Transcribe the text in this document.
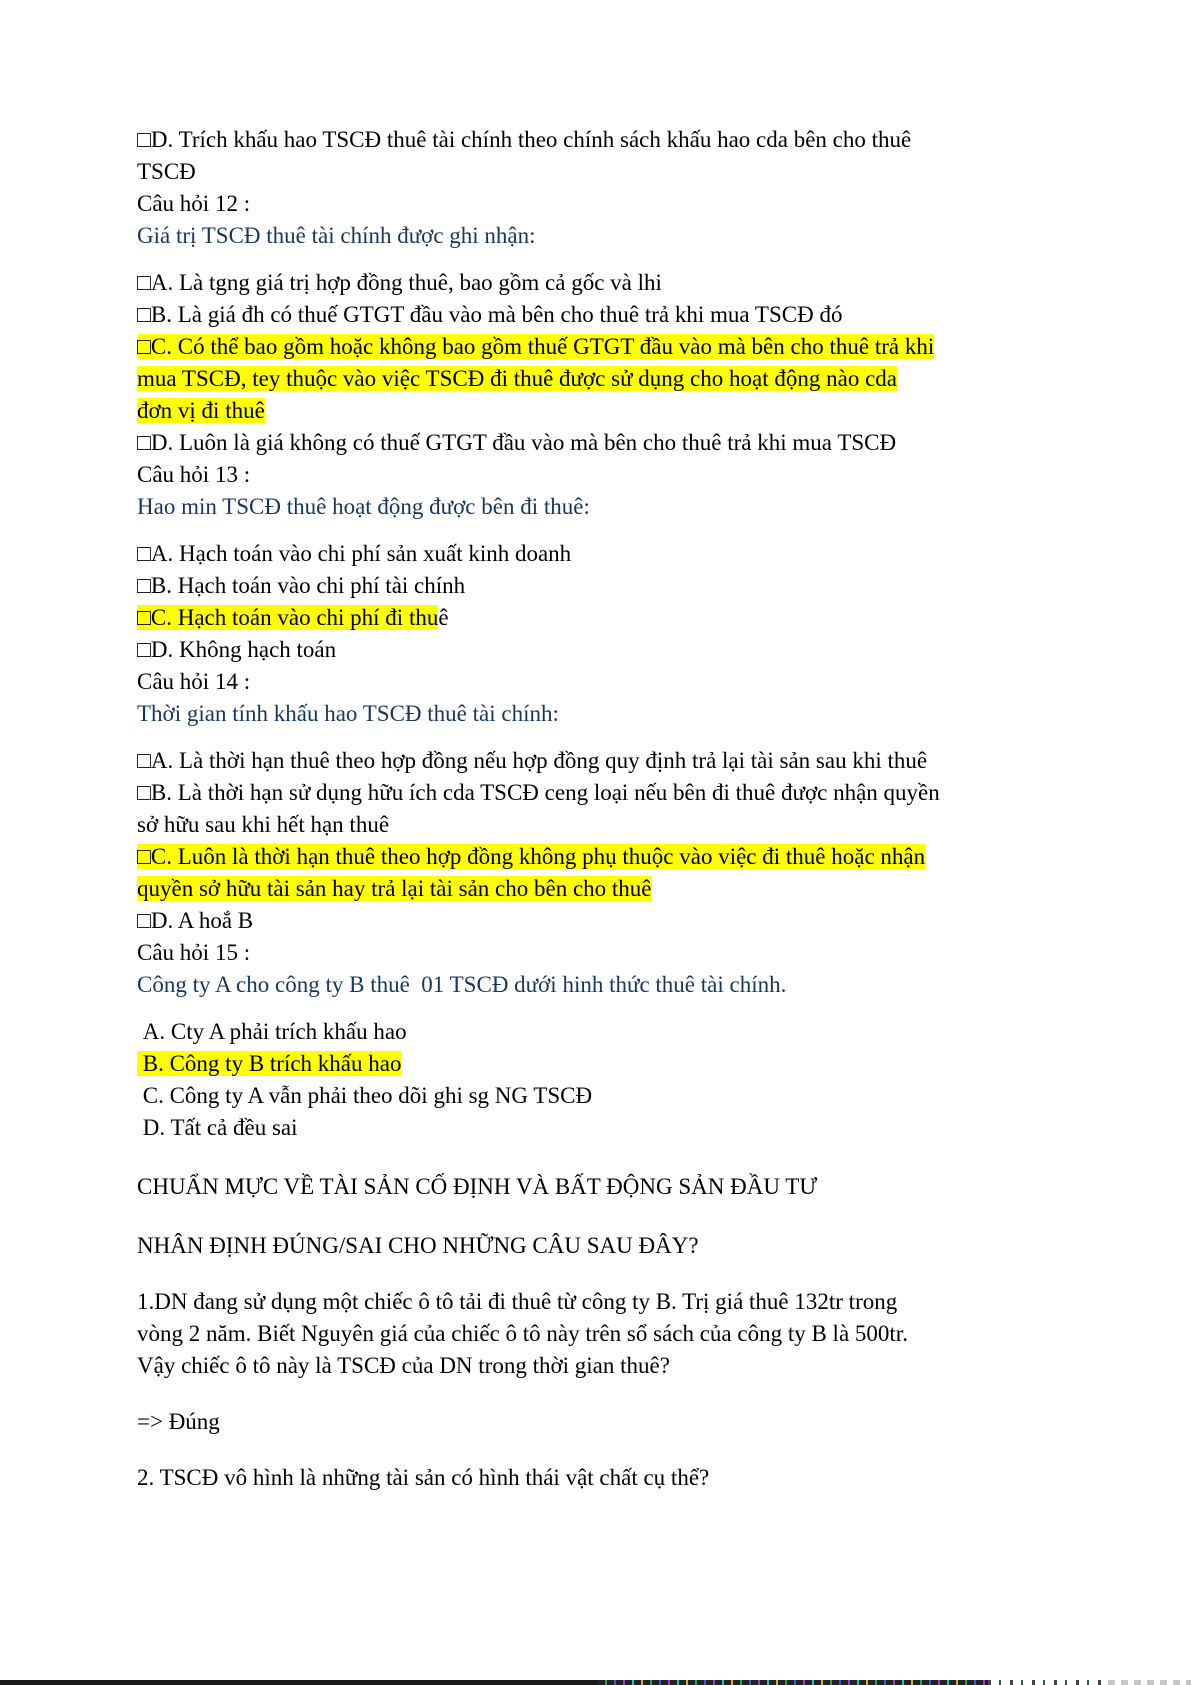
□D. Trích khấu hao TSCĐ thuê tài chính theo chính sách khấu hao cda bên cho thuê
TSCĐ
Câu hỏi 12 :
Giá trị TSCĐ thuê tài chính được ghi nhận:
□A. Là tgng giá trị hợp đồng thuê, bao gồm cả gốc và lhi
□B. Là giá đh có thuế GTGT đầu vào mà bên cho thuê trả khi mua TSCĐ đó
□C. Có thể bao gồm hoặc không bao gồm thuế GTGT đầu vào mà bên cho thuê trả khi
mua TSCĐ, tey thuộc vào việc TSCĐ đi thuê được sử dụng cho hoạt động nào cda
đơn vị đi thuê
□D. Luôn là giá không có thuế GTGT đầu vào mà bên cho thuê trả khi mua TSCĐ
Câu hỏi 13 :
Hao min TSCĐ thuê hoạt động được bên đi thuê:
□A. Hạch toán vào chi phí sản xuất kinh doanh
□B. Hạch toán vào chi phí tài chính
□C. Hạch toán vào chi phí đi thuê
□D. Không hạch toán
Câu hỏi 14 :
Thời gian tính khấu hao TSCĐ thuê tài chính:
□A. Là thời hạn thuê theo hợp đồng nếu hợp đồng quy định trả lại tài sản sau khi thuê
□B. Là thời hạn sử dụng hữu ích cda TSCĐ ceng loại nếu bên đi thuê được nhận quyền
sở hữu sau khi hết hạn thuê
□C. Luôn là thời hạn thuê theo hợp đồng không phụ thuộc vào việc đi thuê hoặc nhận
quyền sở hữu tài sản hay trả lại tài sản cho bên cho thuê
□D. A hoắ B
Câu hỏi 15 :
Công ty A cho công ty B thuê  01 TSCĐ dưới hinh thức thuê tài chính.
A. Cty A phải trích khấu hao
B. Công ty B trích khấu hao
C. Công ty A vẫn phải theo dõi ghi sg NG TSCĐ
D. Tất cả đều sai
CHUẨN MỰC VỀ TÀI SẢN CỐ ĐỊNH VÀ BẤT ĐỘNG SẢN ĐẦU TƯ
NHÂN ĐỊNH ĐÚNG/SAI CHO NHỮNG CÂU SAU ĐÂY?
1.DN đang sử dụng một chiếc ô tô tải đi thuê từ công ty B. Trị giá thuê 132tr trong
vòng 2 năm. Biết Nguyên giá của chiếc ô tô này trên sổ sách của công ty B là 500tr.
Vậy chiếc ô tô này là TSCĐ của DN trong thời gian thuê?
=> Đúng
2. TSCĐ vô hình là những tài sản có hình thái vật chất cụ thể?
